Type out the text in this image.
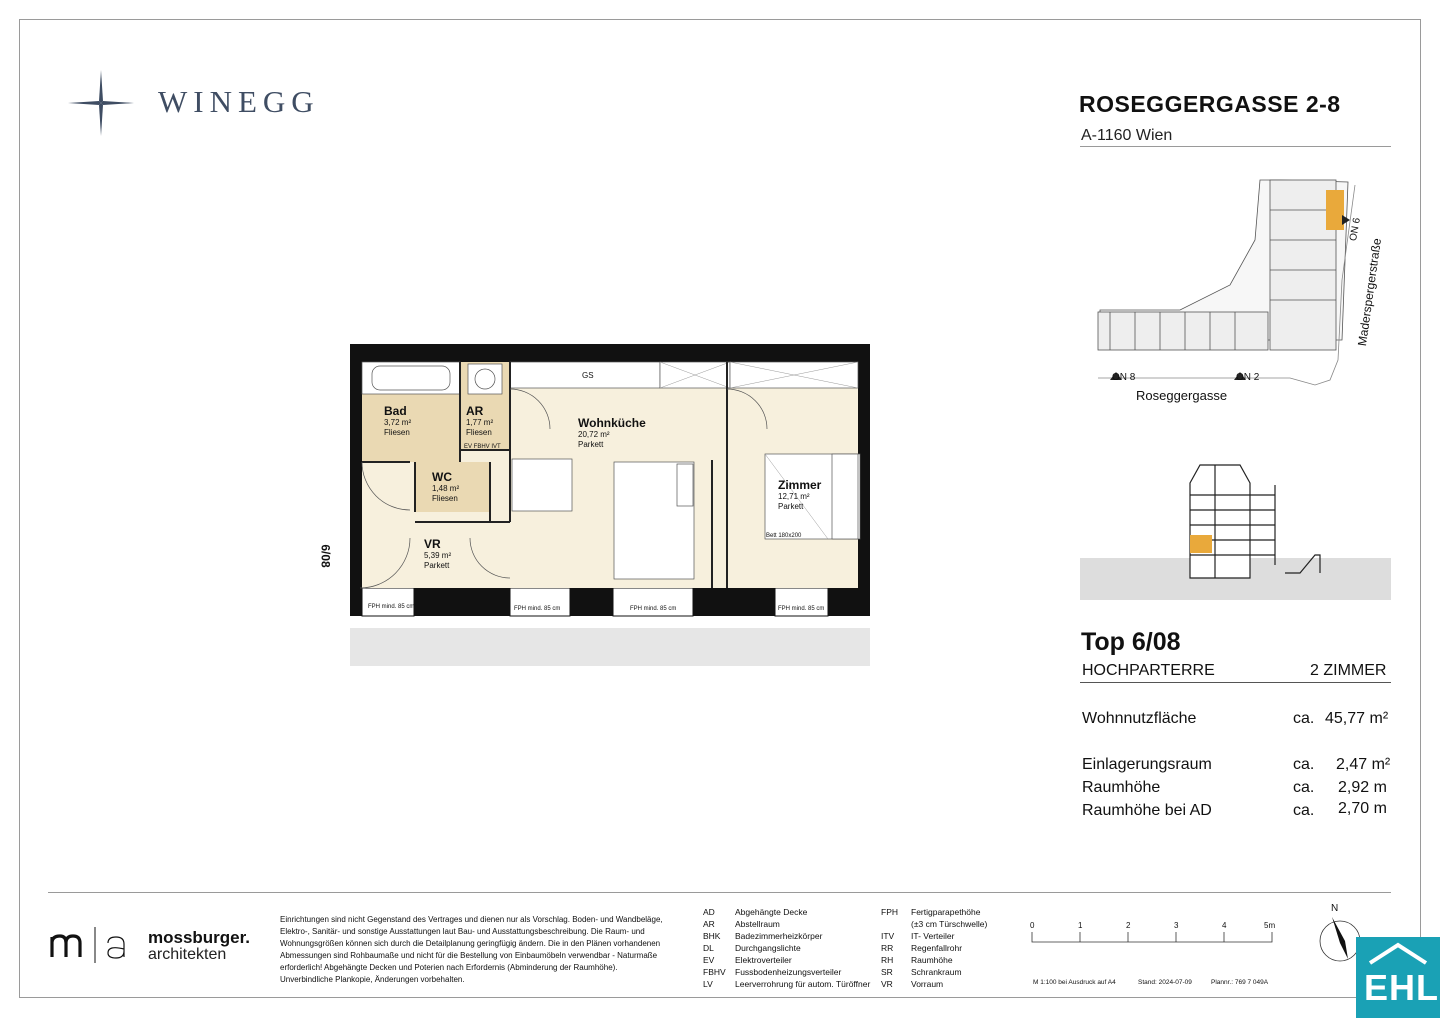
WINEGG	ROSEGGERGASSE 2-8
A-1160 Wien
ON 8	ON 2
ON 6
Roseggergasse
Maderspergerstraße
Top 6/08
HOCHPARTERRE	2 ZIMMER
Wohnnutzfläche	ca. 45,77 m²
Einlagerungsraum	ca. 2,47 m²
Raumhöhe	ca. 2,92 m
Raumhöhe bei AD	ca. 2,70 m
6/08
Bad
3,72 m²
Fliesen
AR
1,77 m²
Fliesen
EV FBHV IVT
Wohnküche
20,72 m²
Parkett
WC
1,48 m²
Fliesen
Zimmer
12,71 m²
Parkett
VR
5,39 m²
Parkett
GS
Bett 180x200
FPH mind. 85 cm	FPH mind. 85 cm	FPH mind. 85 cm	FPH mind. 85 cm
mossburger.
architekten
Einrichtungen sind nicht Gegenstand des Vertrages und dienen nur als Vorschlag. Boden- und Wandbeläge, Elektro-, Sanitär- und sonstige Ausstattungen laut Bau- und Ausstattungsbeschreibung. Die Raum- und Wohnungsgrößen können sich durch die Detailplanung geringfügig ändern. Die in den Plänen vorhandenen Abmessungen sind Rohbaumaße und nicht für die Bestellung von Einbaumöbeln verwendbar - Naturmaße erforderlich! Abgehängte Decken und Poterien nach Erfordernis (Abminderung der Raumhöhe). Unverbindliche Plankopie, Änderungen vorbehalten.
AD Abgehängte Decke
AR Abstellraum
BHK Badezimmerheizkörper
DL Durchgangslichte
EV Elektroverteiler
FBHV Fussbodenheizungsverteiler
LV	Leerverrohrung für autom. Türöffner
FPH Fertigparapethöhe
(±3 cm Türschwelle)
ITV IT- Verteiler
RR Regenfallrohr
RH Raumhöhe
SR Schrankraum
VR Vorraum
0	1	2	3	4	5m
M 1:100 bei Ausdruck auf A4	Stand: 2024-07-09	Plannr.: 769 7 049A
N
EHL
